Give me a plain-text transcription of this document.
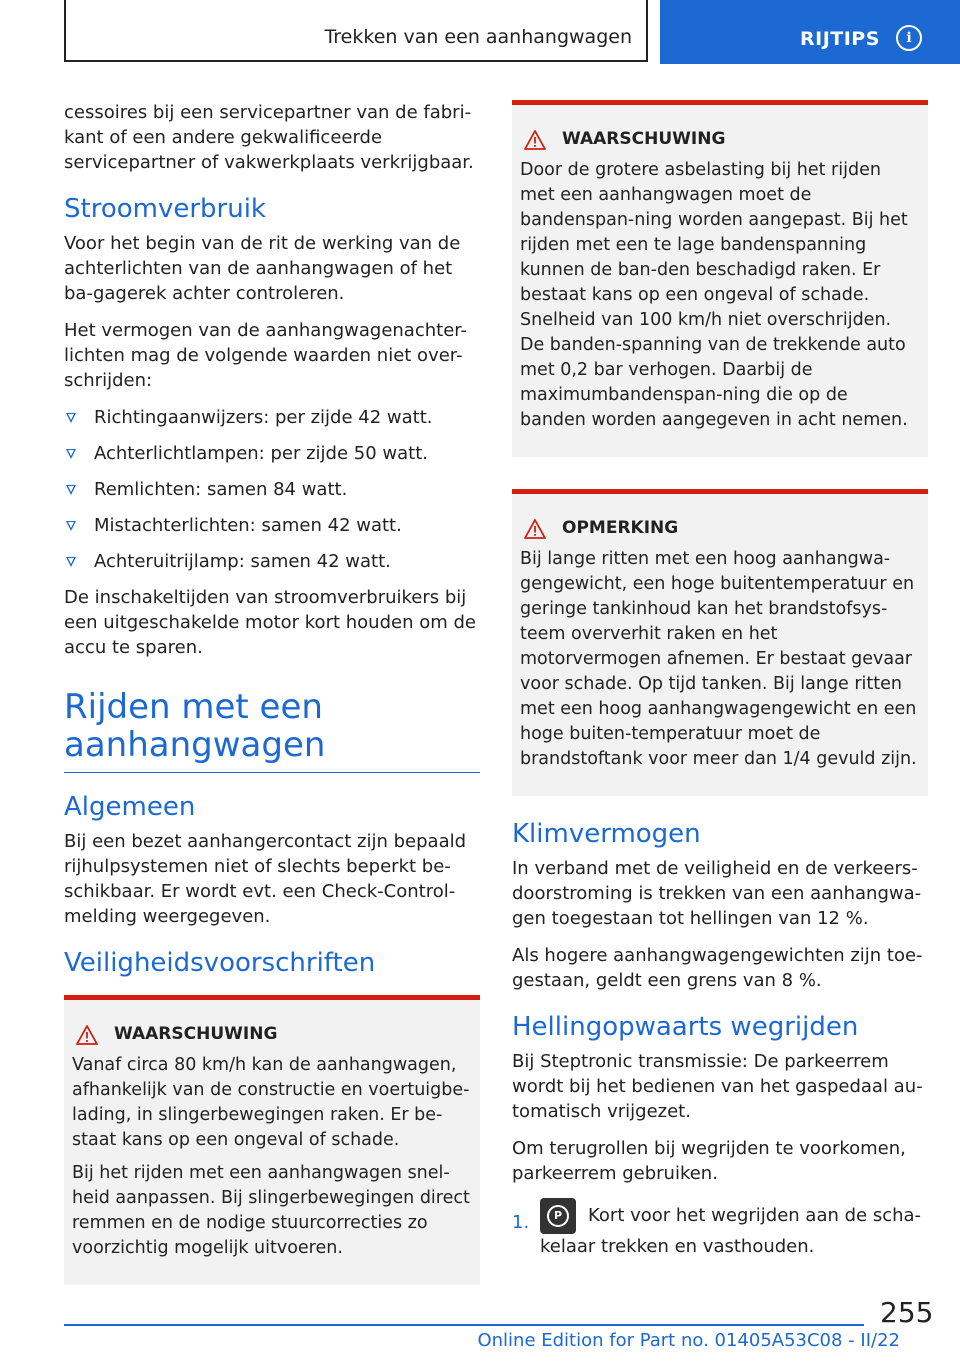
Trekken van een aanhangwagen	RIJTIPS	i

cessoires bij een servicepartner van de fabri-kant of een andere gekwalificeerde servicepartner of vakwerkplaats verkrijgbaar.

Stroomverbruik

Voor het begin van de rit de werking van de achterlichten van de aanhangwagen of het ba-gagerek achter controleren.

Het vermogen van de aanhangwagenachter-lichten mag de volgende waarden niet over-schrijden:

Richtingaanwijzers: per zijde 42 watt.
Achterlichtlampen: per zijde 50 watt.
Remlichten: samen 84 watt.
Mistachterlichten: samen 42 watt.
Achteruitrijlamp: samen 42 watt.

De inschakeltijden van stroomverbruikers bij een uitgeschakelde motor kort houden om de accu te sparen.

Rijden met een aanhangwagen
Algemeen

Bij een bezet aanhangercontact zijn bepaald rijhulpsystemen niet of slechts beperkt be-schikbaar. Er wordt evt. een Check-Control-melding weergegeven.

Veiligheidsvoorschriften
WAARSCHUWING

Vanaf circa 80 km/h kan de aanhangwagen, afhankelijk van de constructie en voertuigbe-lading, in slingerbewegingen raken. Er be-staat kans op een ongeval of schade.

Bij het rijden met een aanhangwagen snel-heid aanpassen. Bij slingerbewegingen direct remmen en de nodige stuurcorrecties zo voorzichtig mogelijk uitvoeren.

WAARSCHUWING

Door de grotere asbelasting bij het rijden met een aanhangwagen moet de bandenspan-ning worden aangepast. Bij het rijden met een te lage bandenspanning kunnen de ban-den beschadigd raken. Er bestaat kans op een ongeval of schade. Snelheid van 100 km/h niet overschrijden. De banden-spanning van de trekkende auto met 0,2 bar verhogen. Daarbij de maximumbandenspan-ning die op de banden worden aangegeven in acht nemen.

OPMERKING

Bij lange ritten met een hoog aanhangwa-gengewicht, een hoge buitentemperatuur en geringe tankinhoud kan het brandstofsys-teem oververhit raken en het motorvermogen afnemen. Er bestaat gevaar voor schade. Op tijd tanken. Bij lange ritten met een hoog aanhangwagengewicht en een hoge buiten-temperatuur moet de brandstoftank voor meer dan 1/4 gevuld zijn.

Klimvermogen

In verband met de veiligheid en de verkeers-doorstroming is trekken van een aanhangwa-gen toegestaan tot hellingen van 12 %.

Als hogere aanhangwagengewichten zijn toe-gestaan, geldt een grens van 8 %.

Hellingopwaarts wegrijden

Bij Steptronic transmissie: De parkeerrem wordt bij het bedienen van het gaspedaal au-tomatisch vrijgezet.

Om terugrollen bij wegrijden te voorkomen, parkeerrem gebruiken.

1.	P	Kort voor het wegrijden aan de scha-kelaar trekken en vasthouden.
255
Online Edition for Part no. 01405A53C08 - II/22
